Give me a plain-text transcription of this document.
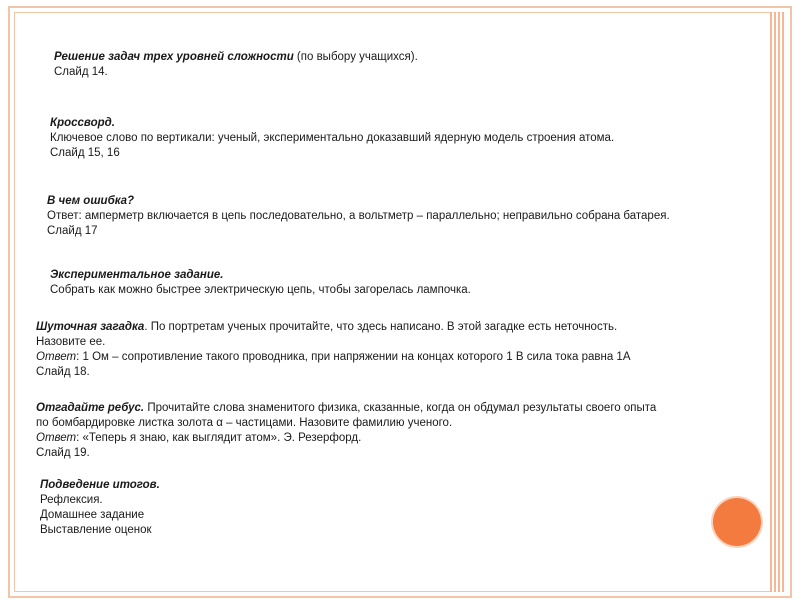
Решение задач трех уровней сложности (по выбору учащихся).
Слайд 14.
Кроссворд.
Ключевое слово по вертикали: ученый, экспериментально доказавший ядерную модель строения атома.
Слайд 15, 16
В чем ошибка?
Ответ: амперметр включается в цепь последовательно, а вольтметр – параллельно; неправильно собрана батарея.
Слайд 17
Экспериментальное задание.
Собрать как можно быстрее электрическую цепь, чтобы загорелась лампочка.
Шуточная загадка. По портретам ученых прочитайте, что здесь написано. В этой загадке есть неточность.
Назовите ее.
Ответ: 1 Ом – сопротивление такого проводника, при напряжении на концах которого 1 В сила тока равна 1А
Слайд 18.
Отгадайте ребус. Прочитайте слова знаменитого физика, сказанные, когда он обдумал результаты своего опыта
по бомбардировке листка золота α – частицами. Назовите фамилию ученого.
Ответ: «Теперь я знаю, как выглядит атом». Э. Резерфорд.
Слайд 19.
Подведение итогов.
Рефлексия.
Домашнее задание
Выставление оценок
